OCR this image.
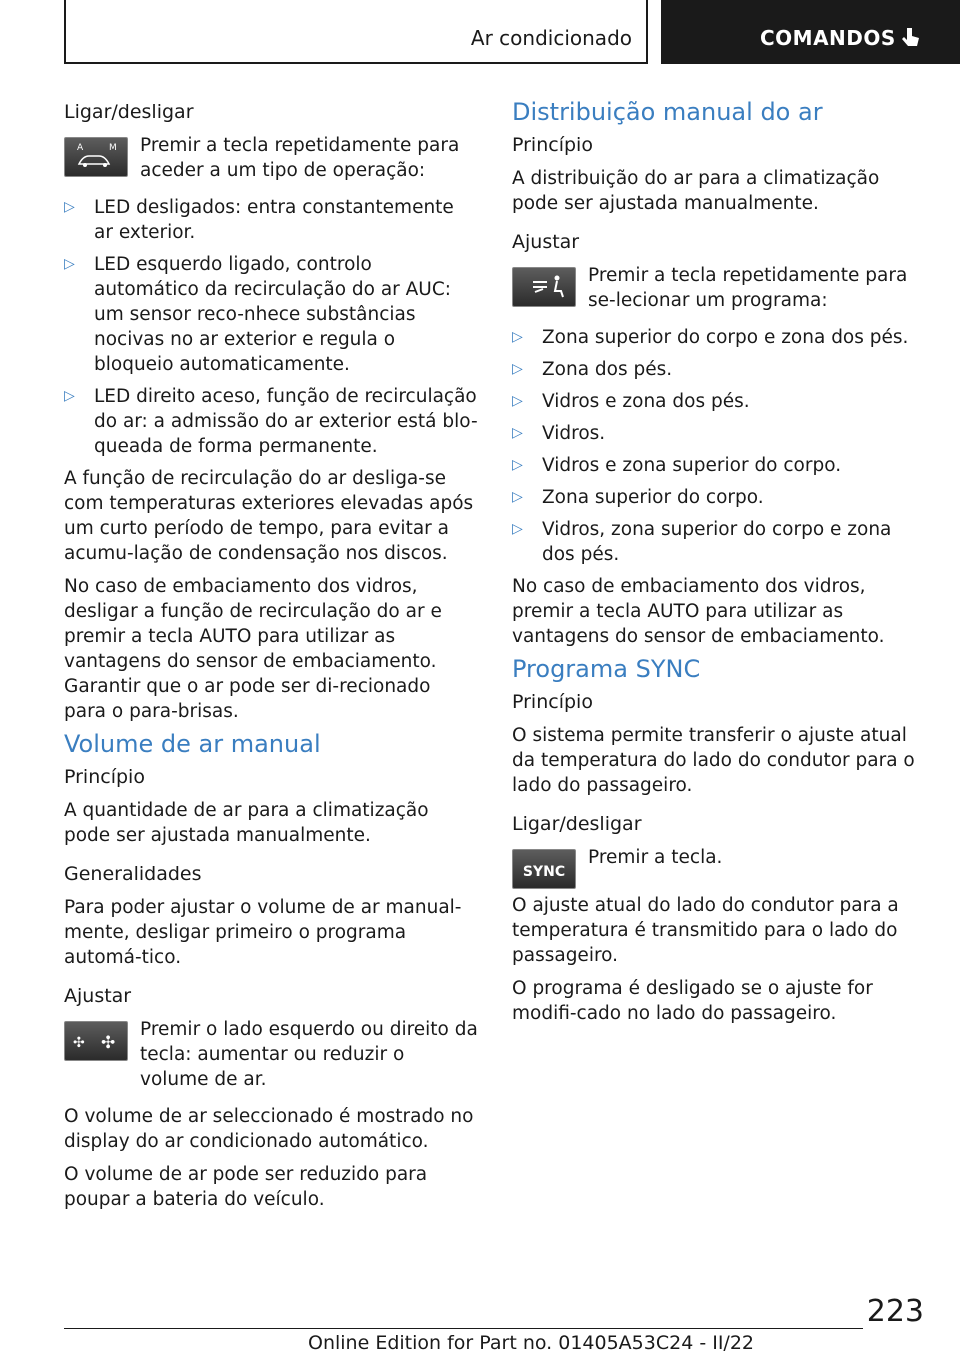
Ar condicionado	COMANDOS

Ligar/desligar

A	M Premir a tecla repetidamente para aceder a um tipo de operação:
▷ LED desligados: entra constantemente ar exterior.
▷ LED esquerdo ligado, controlo automático da recirculação do ar AUC: um sensor reco-nhece substâncias nocivas no ar exterior e regula o bloqueio automaticamente.
▷ LED direito aceso, função de recirculação do ar: a admissão do ar exterior está blo-queada de forma permanente.

A função de recirculação do ar desliga-se com temperaturas exteriores elevadas após um curto período de tempo, para evitar a acumu-lação de condensação nos discos.

No caso de embaciamento dos vidros, desligar a função de recirculação do ar e premir a tecla AUTO para utilizar as vantagens do sensor de embaciamento. Garantir que o ar pode ser di-recionado para o para-brisas.

Volume de ar manual

Princípio

A quantidade de ar para a climatização pode ser ajustada manualmente.

Generalidades

Para poder ajustar o volume de ar manual-mente, desligar primeiro o programa automá-tico.

Ajustar

✣ ✣
Premir o lado esquerdo ou direito da tecla: aumentar ou reduzir o volume de ar.

O volume de ar seleccionado é mostrado no display do ar condicionado automático.

O volume de ar pode ser reduzido para poupar a bateria do veículo.

Distribuição manual do ar

Princípio

A distribuição do ar para a climatização pode ser ajustada manualmente.

Ajustar

Premir a tecla repetidamente para se-lecionar um programa:
▷ Zona superior do corpo e zona dos pés.
▷ Zona dos pés.
▷ Vidros e zona dos pés.
▷ Vidros.
▷ Vidros e zona superior do corpo.
▷ Zona superior do corpo.
▷ Vidros, zona superior do corpo e zona dos pés.

No caso de embaciamento dos vidros, premir a tecla AUTO para utilizar as vantagens do sensor de embaciamento.

Programa SYNC

Princípio

O sistema permite transferir o ajuste atual da temperatura do lado do condutor para o lado do passageiro.

Ligar/desligar

SYNC
Premir a tecla.

O ajuste atual do lado do condutor para a temperatura é transmitido para o lado do passageiro.

O programa é desligado se o ajuste for modifi-cado no lado do passageiro.

223
Online Edition for Part no. 01405A53C24 - II/22
